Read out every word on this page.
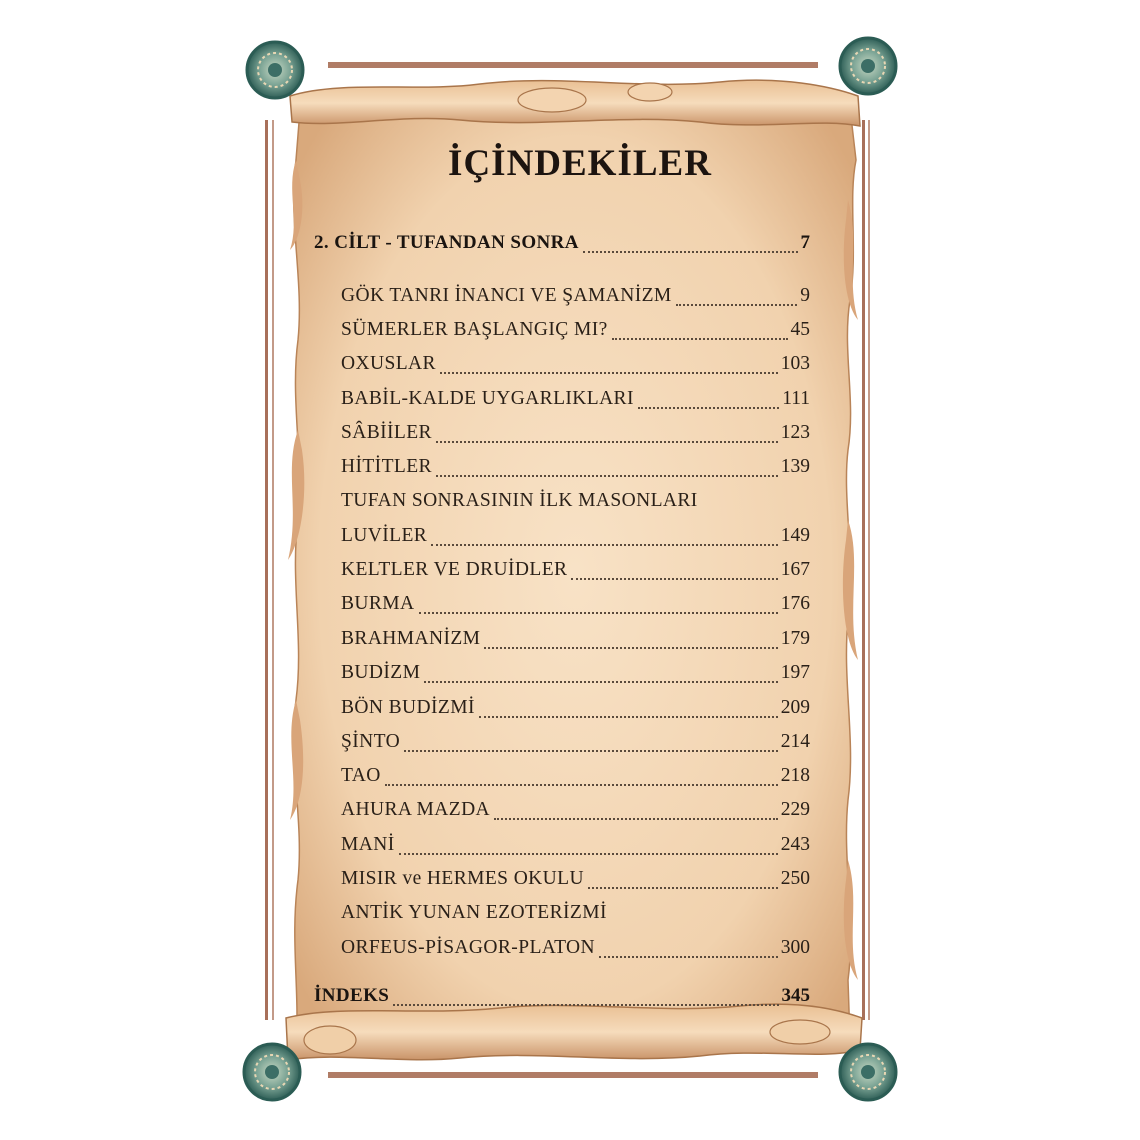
İÇİNDEKİLER
2. CİLT - TUFANDAN SONRA	7
GÖK TANRI İNANCI VE ŞAMANİZM	9
SÜMERLER BAŞLANGIÇ MI?	45
OXUSLAR	103
BABİL-KALDE UYGARLIKLARI	111
SÂBİİLER	123
HİTİTLER	139
TUFAN SONRASININ İLK MASONLARI
LUVİLER	149
KELTLER VE DRUİDLER	167
BURMA	176
BRAHMANİZM	179
BUDİZM	197
BÖN BUDİZMİ	209
ŞİNTO	214
TAO	218
AHURA MAZDA	229
MANİ	243
MISIR ve HERMES OKULU	250
ANTİK YUNAN EZOTERİZMİ
ORFEUS-PİSAGOR-PLATON	300
İNDEKS	345
